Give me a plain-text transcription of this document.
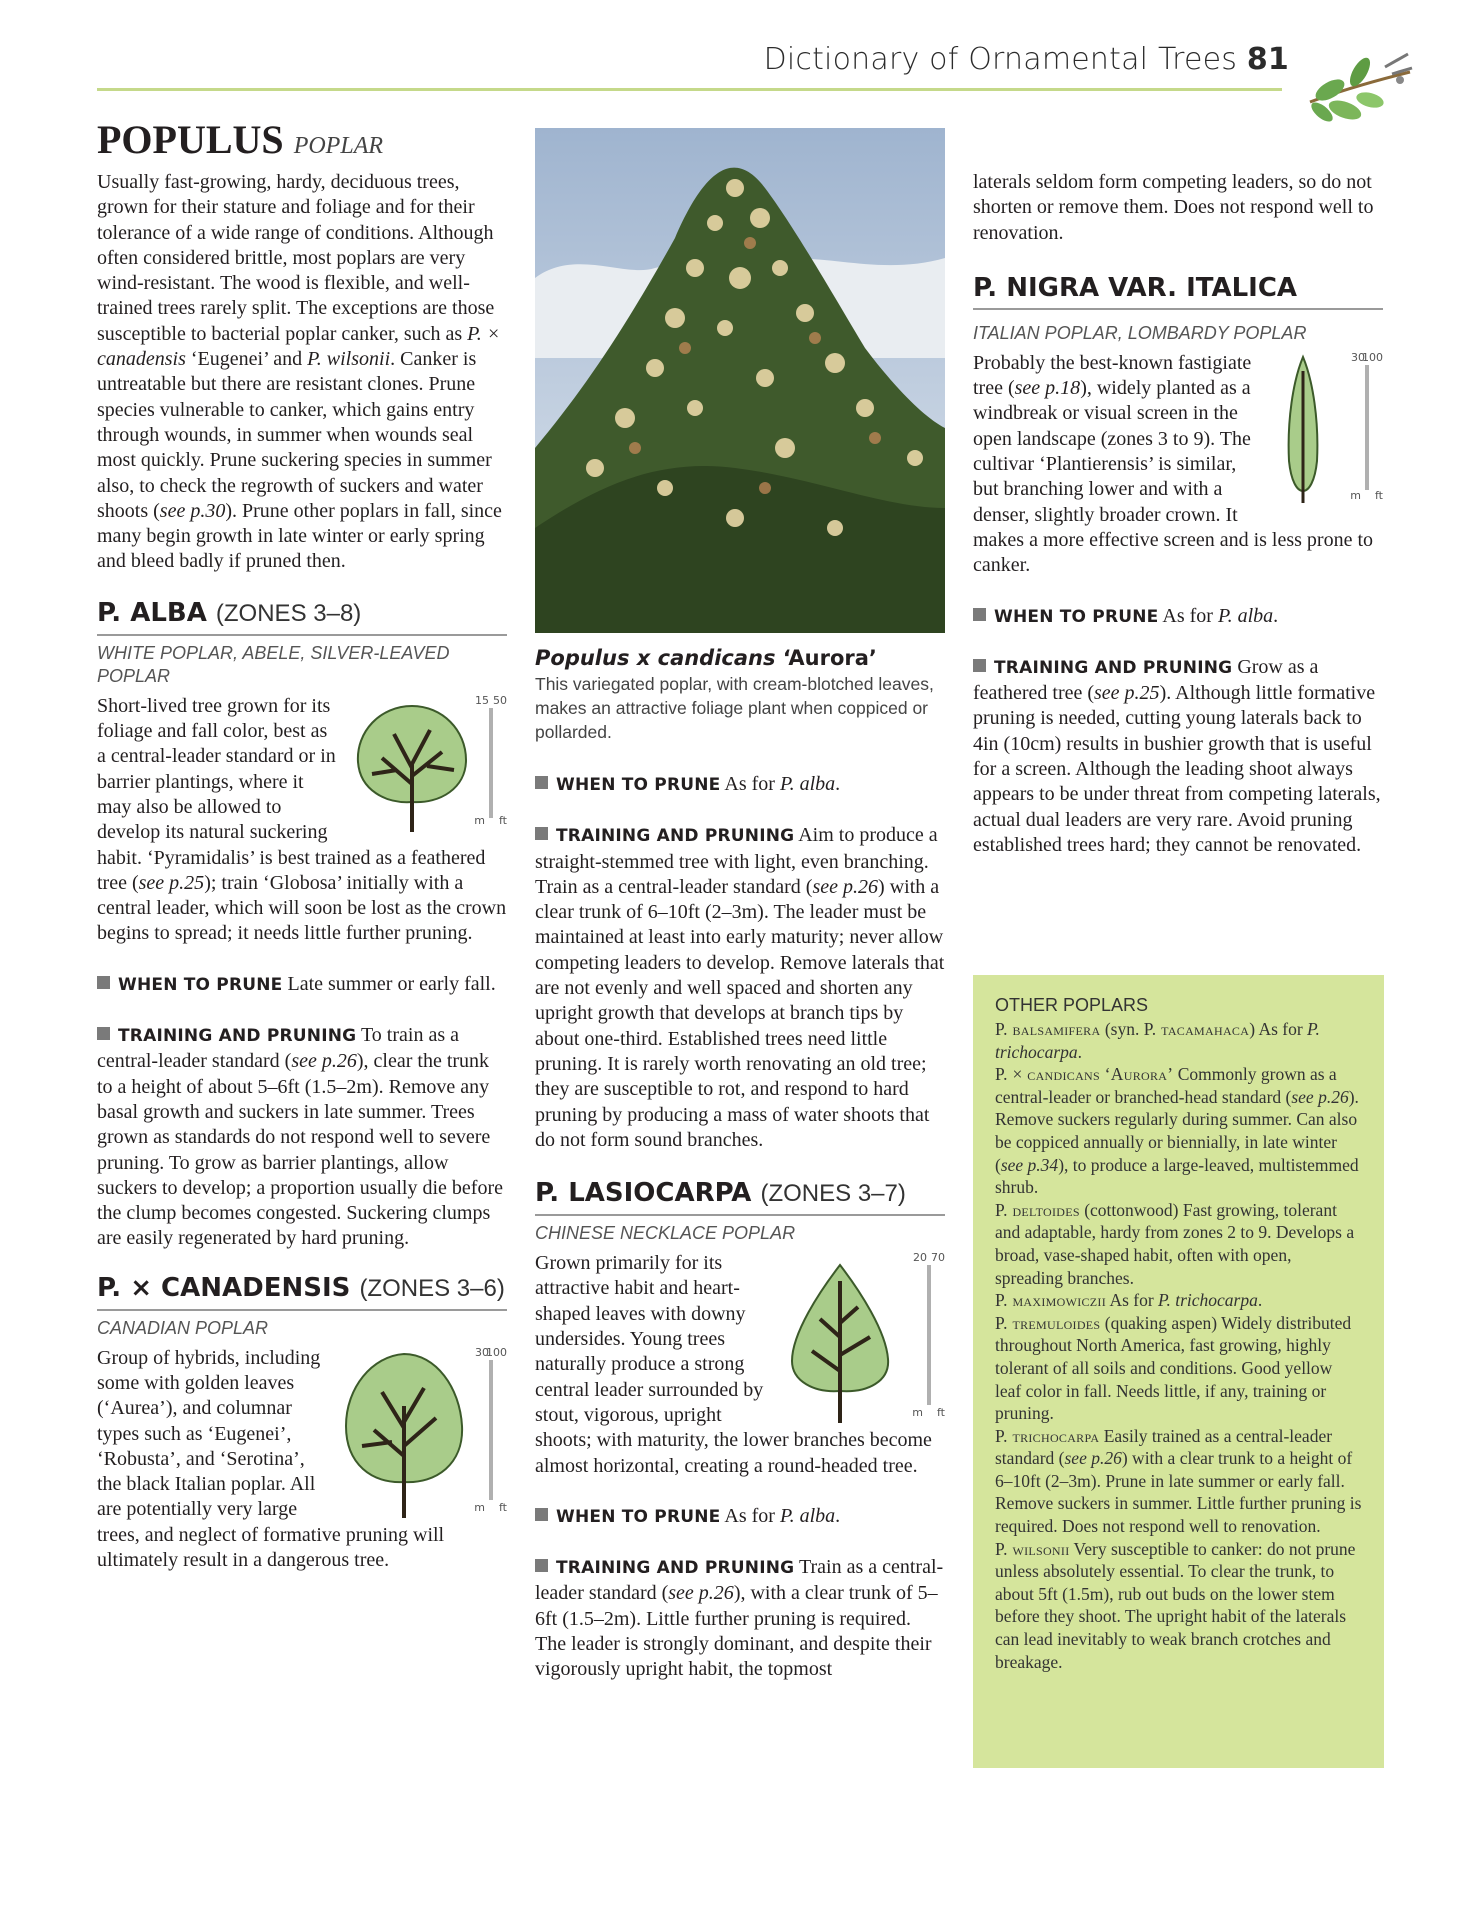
Dictionary of Ornamental Trees 81
POPULUS POPLAR

Usually fast-growing, hardy, deciduous trees, grown for their stature and foliage and for their tolerance of a wide range of conditions. Although often considered brittle, most poplars are very wind-resistant. The wood is flexible, and well-trained trees rarely split. The exceptions are those susceptible to bacterial poplar canker, such as P. × canadensis ‘Eugenei’ and P. wilsonii. Canker is untreatable but there are resistant clones. Prune species vulnerable to canker, which gains entry through wounds, in summer when wounds seal most quickly. Prune suckering species in summer also, to check the regrowth of suckers and water shoots (see p.30). Prune other poplars in fall, since many begin growth in late winter or early spring and bleed badly if pruned then.

P. ALBA (ZONES 3–8)
WHITE POPLAR, ABELE, SILVER-LEAVED POPLAR
15 50
m ft

Short-lived tree grown for its foliage and fall color, best as a central-leader standard or in barrier plantings, where it may also be allowed to develop its natural suckering habit. ‘Pyramidalis’ is best trained as a feathered tree (see p.25); train ‘Globosa’ initially with a central leader, which will soon be lost as the crown begins to spread; it needs little further pruning.

WHEN TO PRUNE Late summer or early fall.

TRAINING AND PRUNING To train as a central-leader standard (see p.26), clear the trunk to a height of about 5–6ft (1.5–2m). Remove any basal growth and suckers in late summer. Trees grown as standards do not respond well to severe pruning. To grow as barrier plantings, allow suckers to develop; a proportion usually die before the clump becomes congested. Suckering clumps are easily regenerated by hard pruning.

P. × CANADENSIS (ZONES 3–6)
CANADIAN POPLAR
30
100
m ft

Group of hybrids, including some with golden leaves (‘Aurea’), and columnar types such as ‘Eugenei’, ‘Robusta’, and ‘Serotina’, the black Italian poplar. All are potentially very large trees, and neglect of formative pruning will ultimately result in a dangerous tree.

Populus x candicans ‘Aurora’
This variegated poplar, with cream-blotched leaves, makes an attractive foliage plant when coppiced or pollarded.

WHEN TO PRUNE As for P. alba.

TRAINING AND PRUNING Aim to produce a straight-stemmed tree with light, even branching. Train as a central-leader standard (see p.26) with a clear trunk of 6–10ft (2–3m). The leader must be maintained at least into early maturity; never allow competing leaders to develop. Remove laterals that are not evenly and well spaced and shorten any upright growth that develops at branch tips by about one-third. Established trees need little pruning. It is rarely worth renovating an old tree; they are susceptible to rot, and respond to hard pruning by producing a mass of water shoots that do not form sound branches.

P. LASIOCARPA (ZONES 3–7)
CHINESE NECKLACE POPLAR
20 70
m ft

Grown primarily for its attractive habit and heart-shaped leaves with downy undersides. Young trees naturally produce a strong central leader surrounded by stout, vigorous, upright shoots; with maturity, the lower branches become almost horizontal, creating a round-headed tree.

WHEN TO PRUNE As for P. alba.

TRAINING AND PRUNING Train as a central-leader standard (see p.26), with a clear trunk of 5–6ft (1.5–2m). Little further pruning is required. The leader is strongly dominant, and despite their vigorously upright habit, the topmost

laterals seldom form competing leaders, so do not shorten or remove them. Does not respond well to renovation.

P. NIGRA VAR. ITALICA
ITALIAN POPLAR, LOMBARDY POPLAR
30
100
m ft

Probably the best-known fastigiate tree (see p.18), widely planted as a windbreak or visual screen in the open landscape (zones 3 to 9). The cultivar ‘Plantierensis’ is similar, but branching lower and with a denser, slightly broader crown. It makes a more effective screen and is less prone to canker.

WHEN TO PRUNE As for P. alba.

TRAINING AND PRUNING Grow as a feathered tree (see p.25). Although little formative pruning is needed, cutting young laterals back to 4in (10cm) results in bushier growth that is useful for a screen. Although the leading shoot always appears to be under threat from competing laterals, actual dual leaders are very rare. Avoid pruning established trees hard; they cannot be renovated.

OTHER POPLARS

P. balsamifera (syn. P. tacamahaca) As for P. trichocarpa.

P. × candicans ‘Aurora’ Commonly grown as a central-leader or branched-head standard (see p.26). Remove suckers regularly during summer. Can also be coppiced annually or biennially, in late winter (see p.34), to produce a large-leaved, multistemmed shrub.

P. deltoides (cottonwood) Fast growing, tolerant and adaptable, hardy from zones 2 to 9. Develops a broad, vase-shaped habit, often with open, spreading branches.

P. maximowiczii As for P. trichocarpa.

P. tremuloides (quaking aspen) Widely distributed throughout North America, fast growing, highly tolerant of all soils and conditions. Good yellow leaf color in fall. Needs little, if any, training or pruning.

P. trichocarpa Easily trained as a central-leader standard (see p.26) with a clear trunk to a height of 6–10ft (2–3m). Prune in late summer or early fall. Remove suckers in summer. Little further pruning is required. Does not respond well to renovation.

P. wilsonii Very susceptible to canker: do not prune unless absolutely essential. To clear the trunk, to about 5ft (1.5m), rub out buds on the lower stem before they shoot. The upright habit of the laterals can lead inevitably to weak branch crotches and breakage.
